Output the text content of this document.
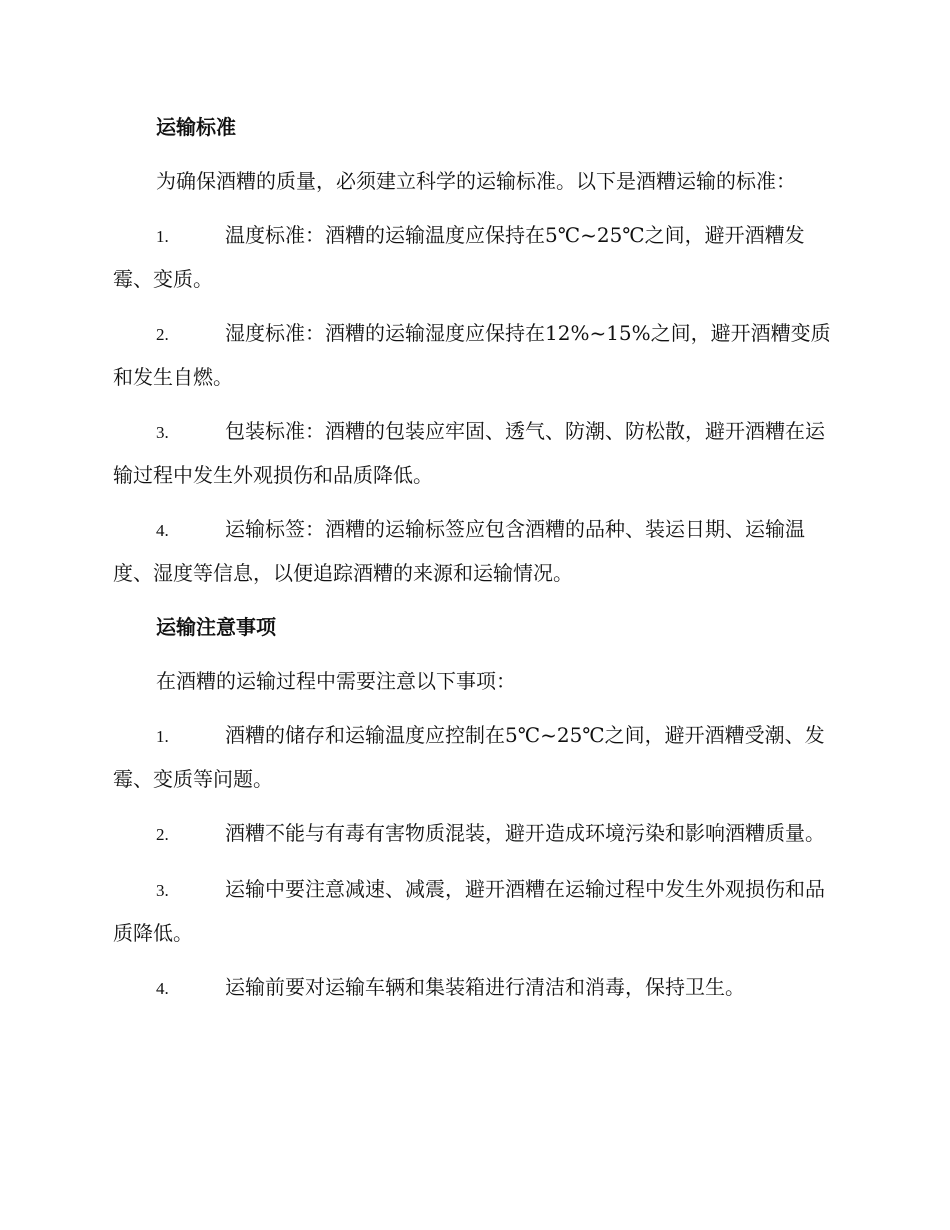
运输标准

为确保酒糟的质量，必须建立科学的运输标准。以下是酒糟运输的标准：

1.	温度标准：酒糟的运输温度应保持在5℃~25℃之间，避开酒糟发霉、变质。
2.	湿度标准：酒糟的运输湿度应保持在12%~15%之间，避开酒糟变质和发生自燃。
3.	包装标准：酒糟的包装应牢固、透气、防潮、防松散，避开酒糟在运输过程中发生外观损伤和品质降低。
4.	运输标签：酒糟的运输标签应包含酒糟的品种、装运日期、运输温度、湿度等信息，以便追踪酒糟的来源和运输情况。
运输注意事项

在酒糟的运输过程中需要注意以下事项：

1.	酒糟的储存和运输温度应控制在5℃~25℃之间，避开酒糟受潮、发霉、变质等问题。
2.	酒糟不能与有毒有害物质混装，避开造成环境污染和影响酒糟质量。
3.	运输中要注意减速、减震，避开酒糟在运输过程中发生外观损伤和品质降低。
4.	运输前要对运输车辆和集装箱进行清洁和消毒，保持卫生。
